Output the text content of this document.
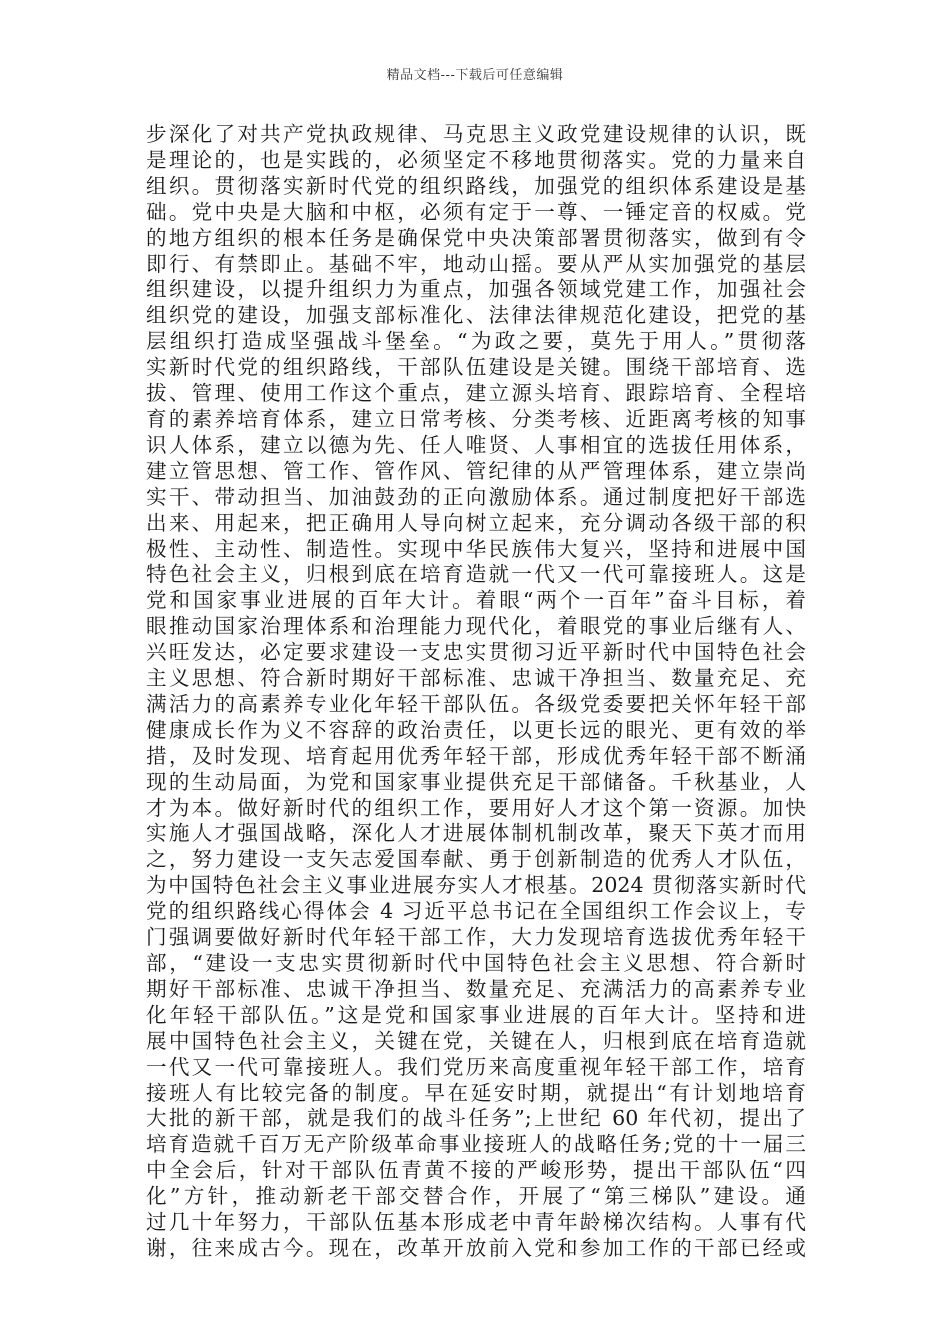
精品文档---下载后可任意编辑
步深化了对共产党执政规律、马克思主义政党建设规律的认识，既
是理论的，也是实践的，必须坚定不移地贯彻落实。党的力量来自
组织。贯彻落实新时代党的组织路线，加强党的组织体系建设是基
础。党中央是大脑和中枢，必须有定于一尊、一锤定音的权威。党
的地方组织的根本任务是确保党中央决策部署贯彻落实，做到有令
即行、有禁即止。基础不牢，地动山摇。要从严从实加强党的基层
组织建设，以提升组织力为重点，加强各领域党建工作，加强社会
组织党的建设，加强支部标准化、法律法律规范化建设，把党的基
层组织打造成坚强战斗堡垒。“为政之要，莫先于用人。”贯彻落
实新时代党的组织路线，干部队伍建设是关键。围绕干部培育、选
拔、管理、使用工作这个重点，建立源头培育、跟踪培育、全程培
育的素养培育体系，建立日常考核、分类考核、近距离考核的知事
识人体系，建立以德为先、任人唯贤、人事相宜的选拔任用体系，
建立管思想、管工作、管作风、管纪律的从严管理体系，建立崇尚
实干、带动担当、加油鼓劲的正向激励体系。通过制度把好干部选
出来、用起来，把正确用人导向树立起来，充分调动各级干部的积
极性、主动性、制造性。实现中华民族伟大复兴，坚持和进展中国
特色社会主义，归根到底在培育造就一代又一代可靠接班人。这是
党和国家事业进展的百年大计。着眼“两个一百年”奋斗目标，着
眼推动国家治理体系和治理能力现代化，着眼党的事业后继有人、
兴旺发达，必定要求建设一支忠实贯彻习近平新时代中国特色社会
主义思想、符合新时期好干部标准、忠诚干净担当、数量充足、充
满活力的高素养专业化年轻干部队伍。各级党委要把关怀年轻干部
健康成长作为义不容辞的政治责任，以更长远的眼光、更有效的举
措，及时发现、培育起用优秀年轻干部，形成优秀年轻干部不断涌
现的生动局面，为党和国家事业提供充足干部储备。千秋基业，人
才为本。做好新时代的组织工作，要用好人才这个第一资源。加快
实施人才强国战略，深化人才进展体制机制改革，聚天下英才而用
之，努力建设一支矢志爱国奉献、勇于创新制造的优秀人才队伍，
为中国特色社会主义事业进展夯实人才根基。2024 贯彻落实新时代
党的组织路线心得体会 4 习近平总书记在全国组织工作会议上，专
门强调要做好新时代年轻干部工作，大力发现培育选拔优秀年轻干
部，“建设一支忠实贯彻新时代中国特色社会主义思想、符合新时
期好干部标准、忠诚干净担当、数量充足、充满活力的高素养专业
化年轻干部队伍。”这是党和国家事业进展的百年大计。坚持和进
展中国特色社会主义，关键在党，关键在人，归根到底在培育造就
一代又一代可靠接班人。我们党历来高度重视年轻干部工作，培育
接班人有比较完备的制度。早在延安时期，就提出“有计划地培育
大批的新干部，就是我们的战斗任务”;上世纪 60 年代初，提出了
培育造就千百万无产阶级革命事业接班人的战略任务;党的十一届三
中全会后，针对干部队伍青黄不接的严峻形势，提出干部队伍“四
化”方针，推动新老干部交替合作，开展了“第三梯队”建设。通
过几十年努力，干部队伍基本形成老中青年龄梯次结构。人事有代
谢，往来成古今。现在，改革开放前入党和参加工作的干部已经或
